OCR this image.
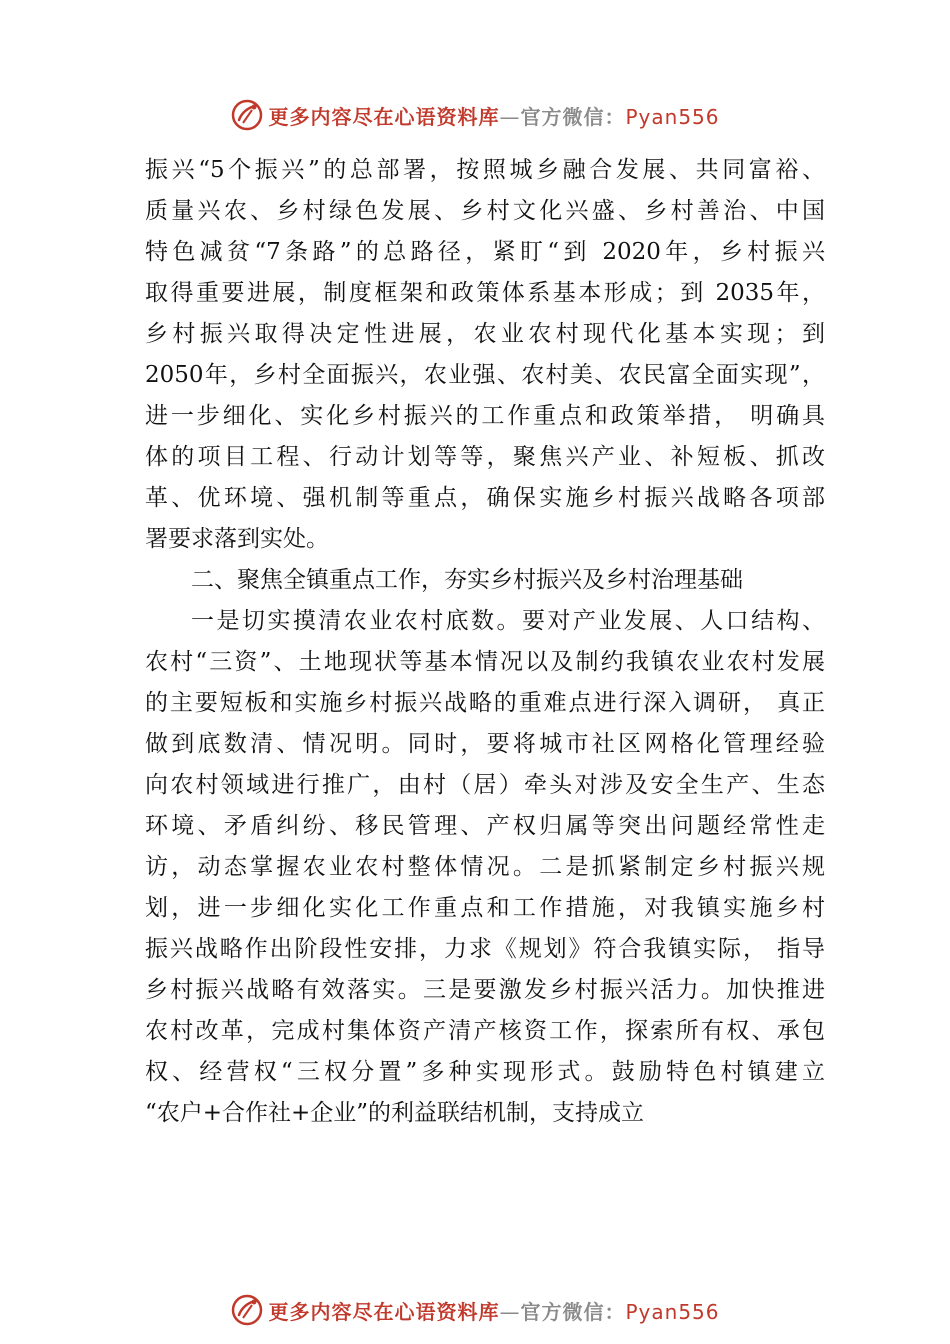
更多内容尽在心语资料库—官方微信：Pyan556
振兴“5个振兴”的总部署，按照城乡融合发展、共同富裕、
质量兴农、乡村绿色发展、乡村文化兴盛、乡村善治、中国
特色减贫“7条路”的总路径，紧盯“到 2020年，乡村振兴
取得重要进展，制度框架和政策体系基本形成；到 2035年，
乡村振兴取得决定性进展，农业农村现代化基本实现；到
2050年，乡村全面振兴，农业强、农村美、农民富全面实现”，
进一步细化、实化乡村振兴的工作重点和政策举措， 明确具
体的项目工程、行动计划等等，聚焦兴产业、补短板、抓改
革、优环境、强机制等重点，确保实施乡村振兴战略各项部
署要求落到实处。
二、聚焦全镇重点工作，夯实乡村振兴及乡村治理基础
一是切实摸清农业农村底数。要对产业发展、人口结构、
农村“三资”、土地现状等基本情况以及制约我镇农业农村发展
的主要短板和实施乡村振兴战略的重难点进行深入调研， 真正
做到底数清、情况明。同时，要将城市社区网格化管理经验
向农村领域进行推广，由村（居）牵头对涉及安全生产、生态
环境、矛盾纠纷、移民管理、产权归属等突出问题经常性走
访，动态掌握农业农村整体情况。二是抓紧制定乡村振兴规
划，进一步细化实化工作重点和工作措施，对我镇实施乡村
振兴战略作出阶段性安排，力求《规划》符合我镇实际， 指导
乡村振兴战略有效落实。三是要激发乡村振兴活力。加快推进
农村改革，完成村集体资产清产核资工作，探索所有权、承包
权、经营权“三权分置”多种实现形式。鼓励特色村镇建立
“农户+合作社+企业”的利益联结机制，支持成立
更多内容尽在心语资料库—官方微信：Pyan556
